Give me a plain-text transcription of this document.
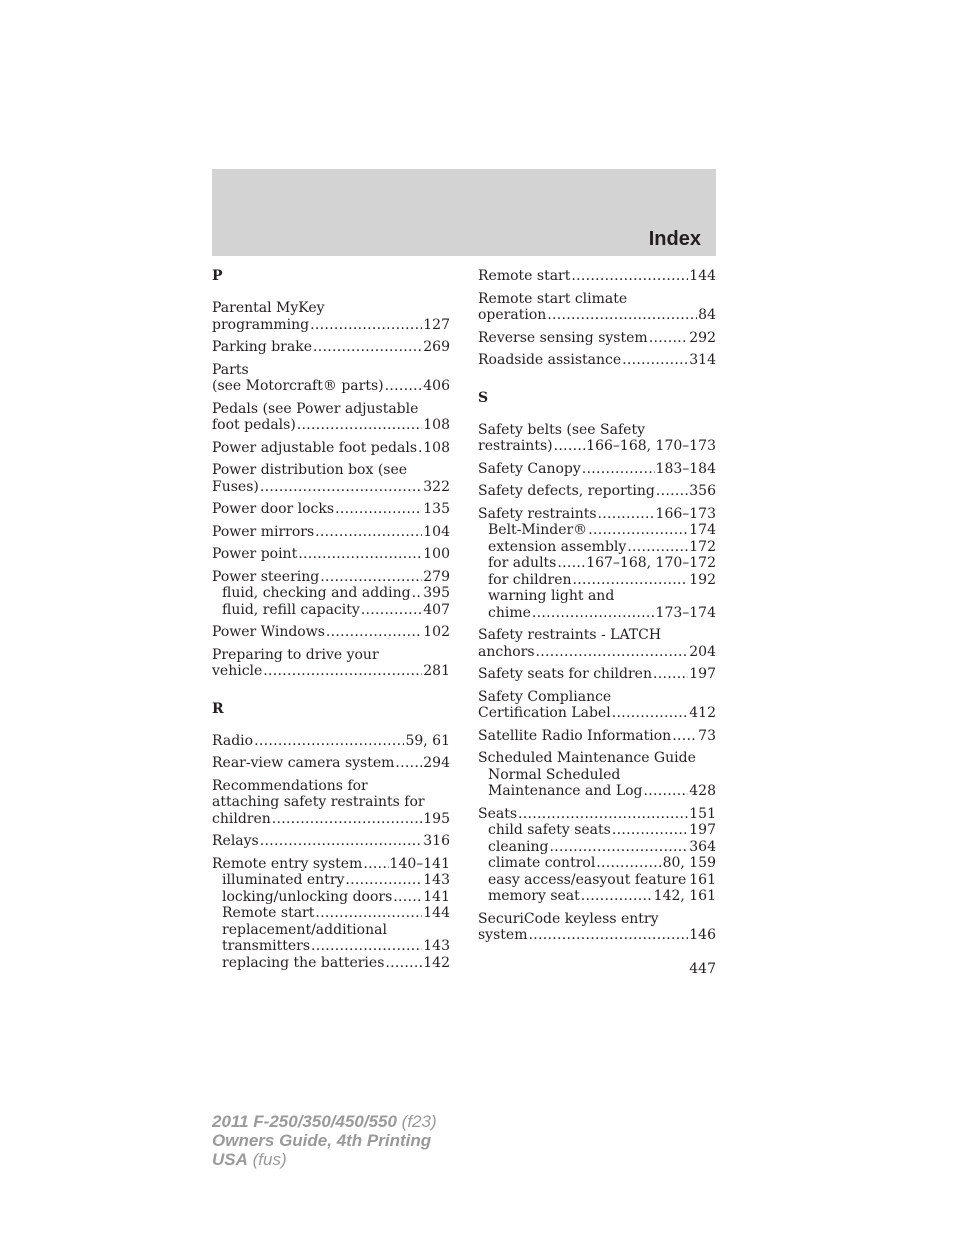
Index
P
Parental MyKey
programming .....	127
Parking brake .....	269
Parts
(see Motorcraft® parts) .....	406
Pedals (see Power adjustable
foot pedals) .....	108
Power adjustable foot pedals ..... 108
Power distribution box (see
Fuses) .....	322
Power door locks .....	135
Power mirrors .....	104
Power point .....	100
Power steering .....	279
fluid, checking and adding ..... 395
fluid, refill capacity .....	407
Power Windows .....	102
Preparing to drive your
vehicle .....	281
R
Radio .....	59, 61
Rear-view camera system ..... 294
Recommendations for
attaching safety restraints for
children .....	195
Relays .....	316
Remote entry system ..... 140–141
illuminated entry .....	143
locking/unlocking doors ..... 141
Remote start .....	144
replacement/additional
transmitters .....	143
replacing the batteries .....	142
Remote start .....	144
Remote start climate
operation .....	84
Reverse sensing system .....	292
Roadside assistance .....	314
S
Safety belts (see Safety
restraints) ..... 166–168, 170–173
Safety Canopy .....	183–184
Safety defects, reporting ..... 356
Safety restraints .....	166–173
Belt-Minder® .....	174
extension assembly .....	172
for adults ..... 167–168, 170–172
for children .....	192
warning light and
chime .....	173–174
Safety restraints - LATCH
anchors .....	204
Safety seats for children .....	197
Safety Compliance
Certification Label .....	412
Satellite Radio Information ..... 73
Scheduled Maintenance Guide
Normal Scheduled
Maintenance and Log .....	428
Seats .....	151
child safety seats .....	197
cleaning .....	364
climate control .....	80, 159
easy access/easyout feature ..... 161
memory seat .....	142, 161
SecuriCode keyless entry
system .....	146
447
2011 F-250/350/450/550 (f23)
Owners Guide, 4th Printing
USA (fus)
